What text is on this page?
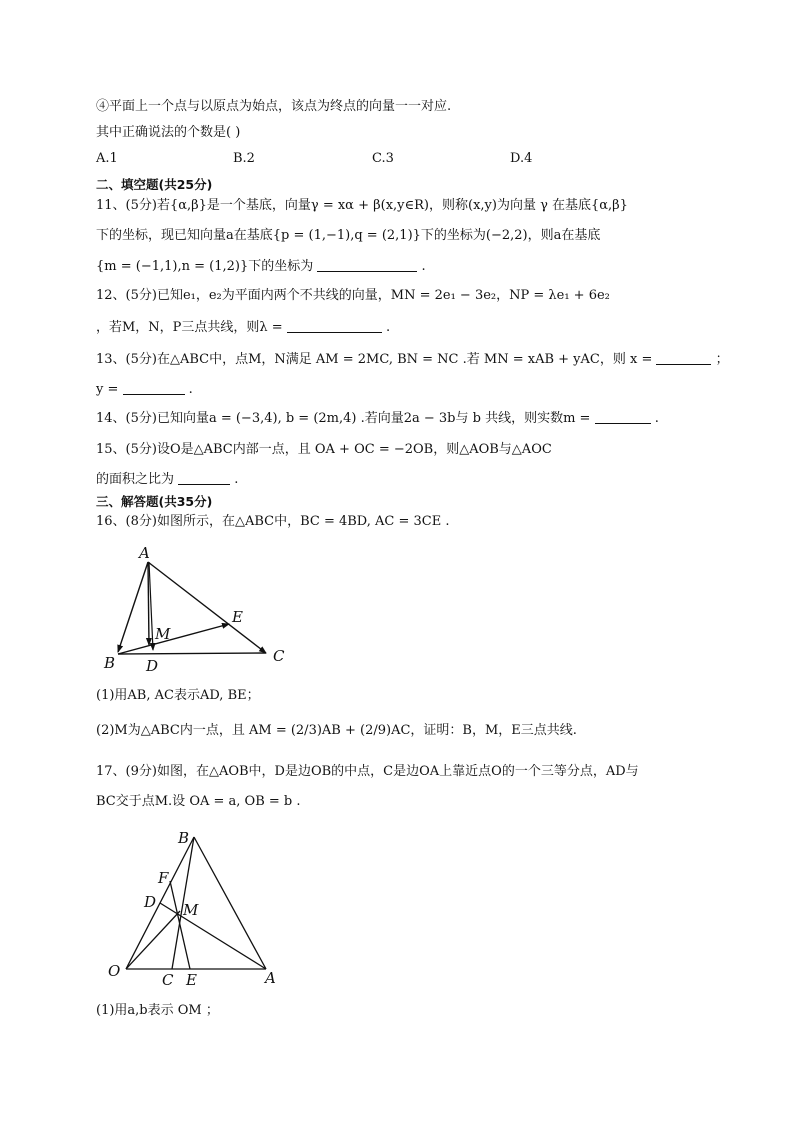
④平面上一个点与以原点为始点，该点为终点的向量一一对应.
其中正确说法的个数是( )
A.1	B.2	C.3	D.4
二、填空题(共25分)
11、(5分)若{α,β}是一个基底，向量γ = xα + β(x,y∈R)，则称(x,y)为向量 γ 在基底{α,β}
下的坐标，现已知向量a在基底{p = (1,−1),q = (2,1)}下的坐标为(−2,2)，则a在基底
{m = (−1,1),n = (1,2)}下的坐标为	.
12、(5分)已知e₁，e₂为平面内两个不共线的向量，MN = 2e₁ − 3e₂，NP = λe₁ + 6e₂
，若M，N，P三点共线，则λ =	.
13、(5分)在△ABC中，点M，N满足 AM = 2MC, BN = NC .若 MN = xAB + yAC，则 x =	；
y =	.
14、(5分)已知向量a = (−3,4), b = (2m,4) .若向量2a − 3b与 b 共线，则实数m =	.
15、(5分)设O是△ABC内部一点，且 OA + OC = −2OB，则△AOB与△AOC
的面积之比为	.
三、解答题(共35分)
16、(8分)如图所示，在△ABC中，BC = 4BD, AC = 3CE .
A
B	C
D
E
M
(1)用AB, AC表示AD, BE；
(2)M为△ABC内一点，且 AM = (2/3)AB + (2/9)AC，证明：B，M，E三点共线.
17、(9分)如图，在△AOB中，D是边OB的中点，C是边OA上靠近点O的一个三等分点，AD与
BC交于点M.设 OA = a, OB = b .
B
F
D M
O	C E	A
(1)用a,b表示 OM ；
